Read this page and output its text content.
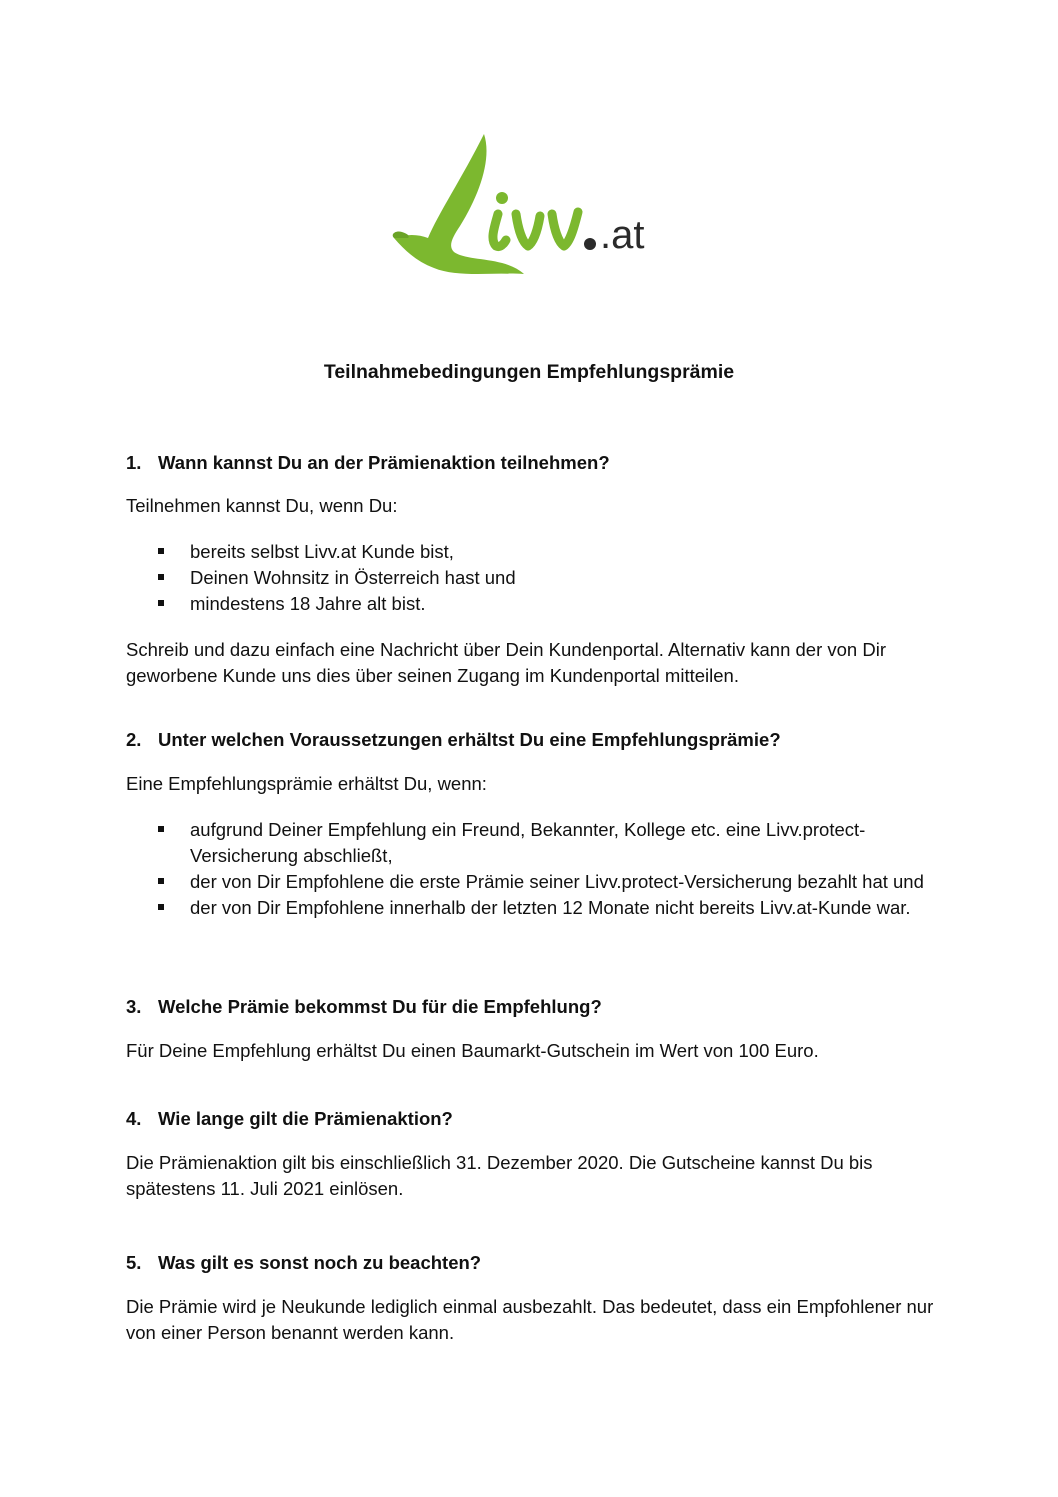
.at
Teilnahmebedingungen Empfehlungsprämie
1. Wann kannst Du an der Prämienaktion teilnehmen?

Teilnehmen kannst Du, wenn Du:

bereits selbst Livv.at Kunde bist,
Deinen Wohnsitz in Österreich hast und
mindestens 18 Jahre alt bist.

Schreib und dazu einfach eine Nachricht über Dein Kundenportal. Alternativ kann der von Dir geworbene Kunde uns dies über seinen Zugang im Kundenportal mitteilen.

2. Unter welchen Voraussetzungen erhältst Du eine Empfehlungsprämie?

Eine Empfehlungsprämie erhältst Du, wenn:

aufgrund Deiner Empfehlung ein Freund, Bekannter, Kollege etc. eine Livv.protect-Versicherung abschließt,
der von Dir Empfohlene die erste Prämie seiner Livv.protect-Versicherung bezahlt hat und
der von Dir Empfohlene innerhalb der letzten 12 Monate nicht bereits Livv.at-Kunde war.
3. Welche Prämie bekommst Du für die Empfehlung?

Für Deine Empfehlung erhältst Du einen Baumarkt-Gutschein im Wert von 100 Euro.

4. Wie lange gilt die Prämienaktion?

Die Prämienaktion gilt bis einschließlich 31. Dezember 2020. Die Gutscheine kannst Du bis spätestens 11. Juli 2021 einlösen.

5. Was gilt es sonst noch zu beachten?

Die Prämie wird je Neukunde lediglich einmal ausbezahlt. Das bedeutet, dass ein Empfohlener nur von einer Person benannt werden kann.
